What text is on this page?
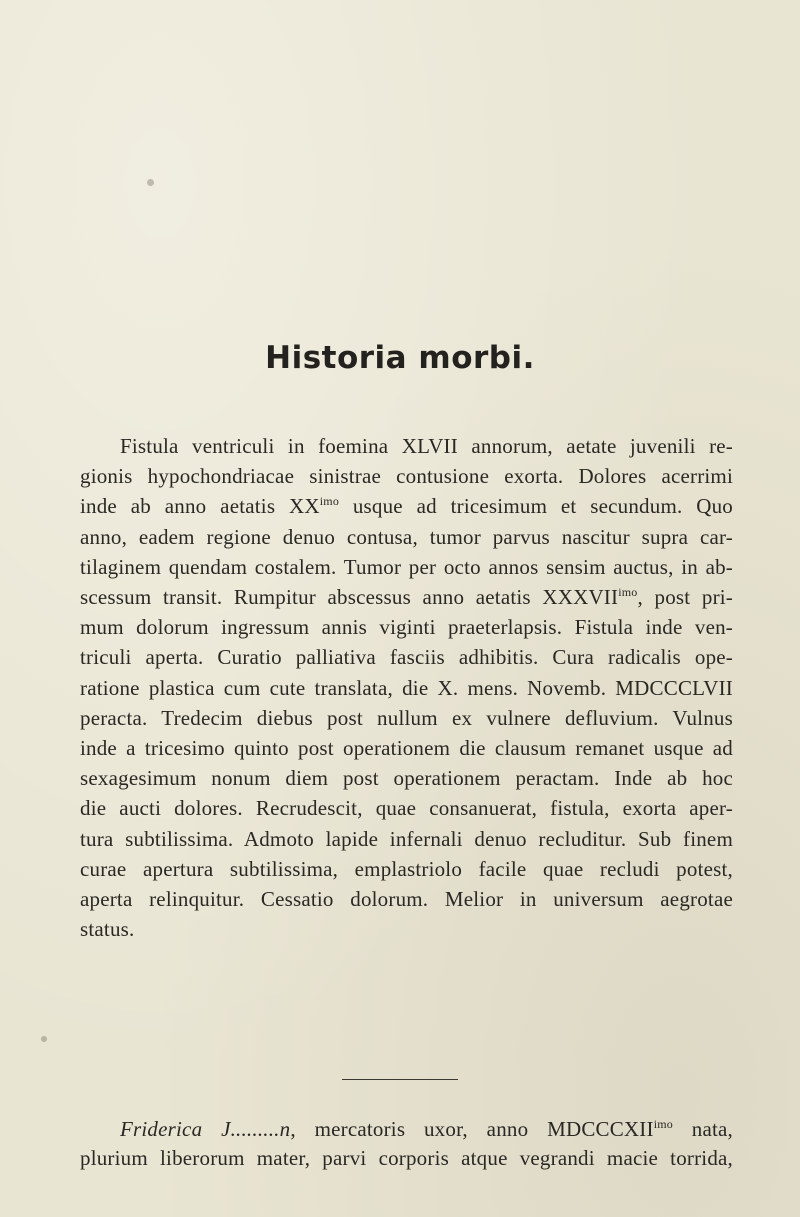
Historia morbi.
Fistula ventriculi in foemina XLVII annorum, aetate juvenili re-
gionis hypochondriacae sinistrae contusione exorta. Dolores acerrimi
inde ab anno aetatis $XX^{imo}$ usque ad tricesimum et secundum. Quo
anno, eadem regione denuo contusa, tumor parvus nascitur supra car-
tilaginem quendam costalem. Tumor per octo annos sensim auctus, in ab-
scessum transit. Rumpitur abscessus anno aetatis $XXXVII^{imo}$, post pri-
mum dolorum ingressum annis viginti praeterlapsis. Fistula inde ven-
triculi aperta. Curatio palliativa fasciis adhibitis. Cura radicalis ope-
ratione plastica cum cute translata, die X. mens. Novemb. MDCCCLVII
peracta. Tredecim diebus post nullum ex vulnere defluvium. Vulnus
inde a tricesimo quinto post operationem die clausum remanet usque ad
sexagesimum nonum diem post operationem peractam. Inde ab hoc
die aucti dolores. Recrudescit, quae consanuerat, fistula, exorta aper-
tura subtilissima. Admoto lapide infernali denuo recluditur. Sub finem
curae apertura subtilissima, emplastriolo facile quae recludi potest,
aperta relinquitur. Cessatio dolorum. Melior in universum aegrotae
status.
Friderica J.........n, mercatoris uxor, anno $MDCCCXII^{imo}$ nata,
plurium liberorum mater, parvi corporis atque vegrandi macie torrida,
